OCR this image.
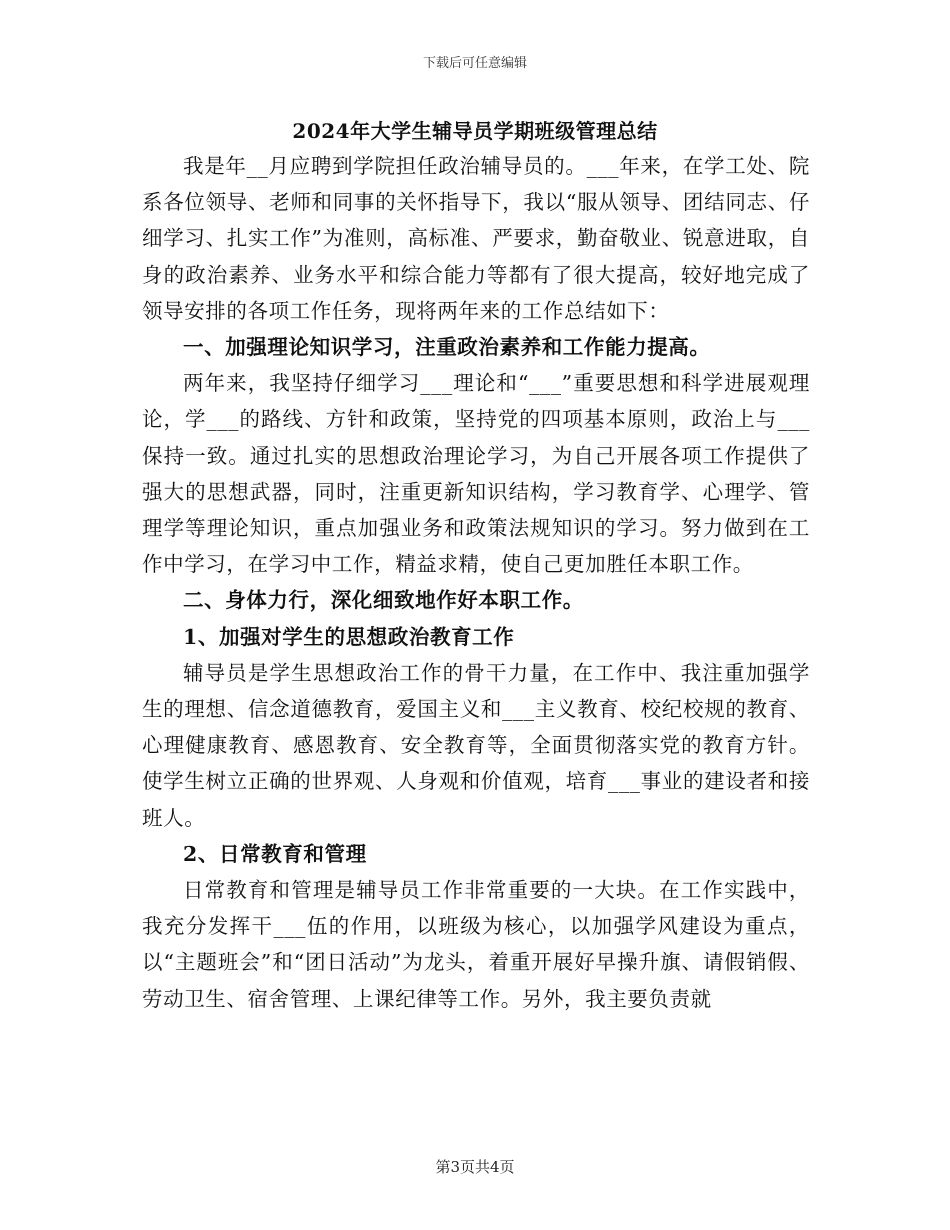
下载后可任意编辑
2024年大学生辅导员学期班级管理总结

我是年__月应聘到学院担任政治辅导员的。___年来，在学工处、院系各位领导、老师和同事的关怀指导下，我以“服从领导、团结同志、仔细学习、扎实工作”为准则，高标准、严要求，勤奋敬业、锐意进取，自身的政治素养、业务水平和综合能力等都有了很大提高，较好地完成了领导安排的各项工作任务，现将两年来的工作总结如下：

一、加强理论知识学习，注重政治素养和工作能力提高。

两年来，我坚持仔细学习___理论和“___”重要思想和科学进展观理论，学___的路线、方针和政策，坚持党的四项基本原则，政治上与___保持一致。通过扎实的思想政治理论学习，为自己开展各项工作提供了强大的思想武器，同时，注重更新知识结构，学习教育学、心理学、管理学等理论知识，重点加强业务和政策法规知识的学习。努力做到在工作中学习，在学习中工作，精益求精，使自己更加胜任本职工作。

二、身体力行，深化细致地作好本职工作。

1、加强对学生的思想政治教育工作

辅导员是学生思想政治工作的骨干力量，在工作中、我注重加强学生的理想、信念道德教育，爱国主义和___主义教育、校纪校规的教育、心理健康教育、感恩教育、安全教育等，全面贯彻落实党的教育方针。使学生树立正确的世界观、人身观和价值观，培育___事业的建设者和接班人。

2、日常教育和管理

日常教育和管理是辅导员工作非常重要的一大块。在工作实践中，我充分发挥干___伍的作用，以班级为核心，以加强学风建设为重点，以“主题班会”和“团日活动”为龙头，着重开展好早操升旗、请假销假、劳动卫生、宿舍管理、上课纪律等工作。另外，我主要负责就

第3页共4页
